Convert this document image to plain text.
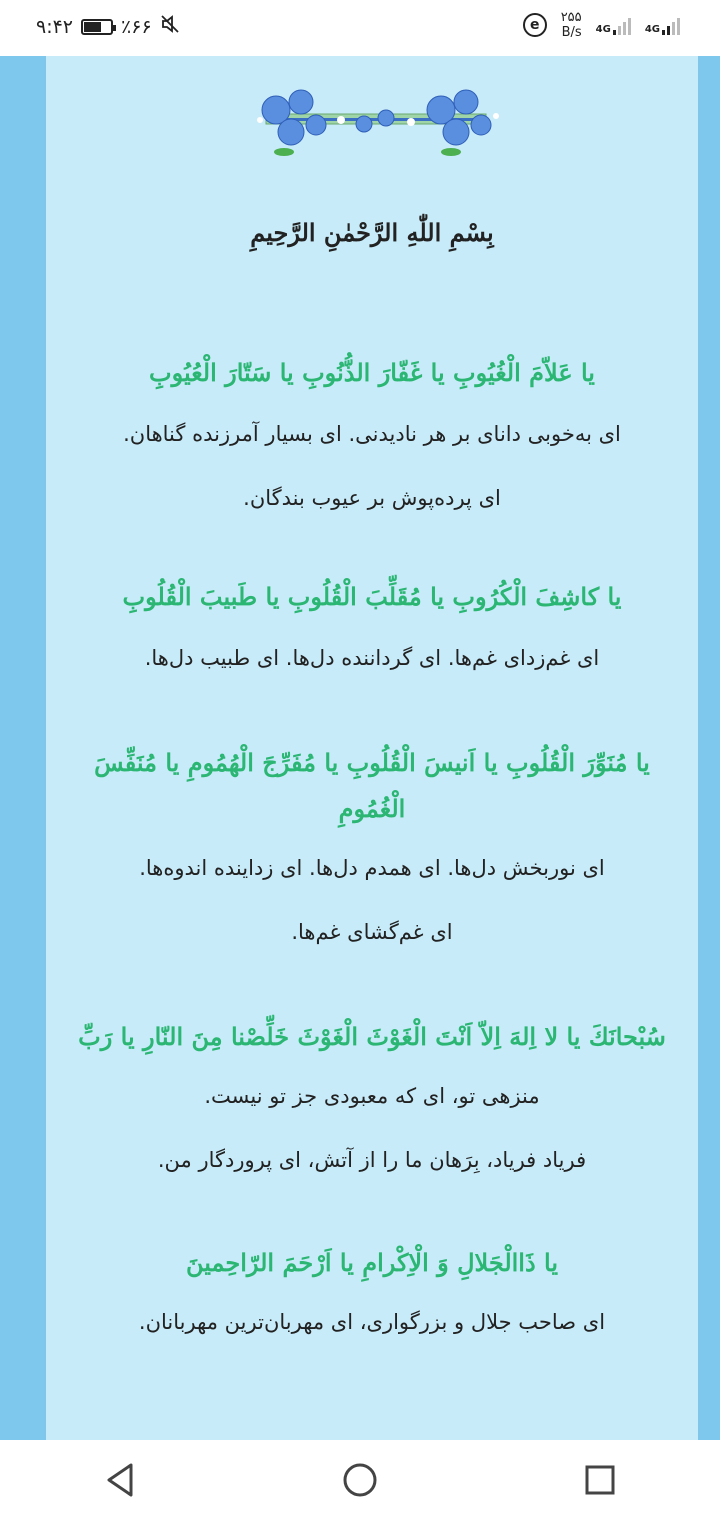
۹:۴۲	٪۶۶	e	۲۵۵
B/s 4G	4G
بِسْمِ اللّٰهِ الرَّحْمٰنِ الرَّحِيمِ
يا عَلاّمَ الْغُيُوبِ يا غَفّارَ الذُّنُوبِ يا سَتّارَ الْعُيُوبِ
ای به‌خوبی دانای بر هر نادیدنی. ای بسیار آمرزنده گناهان.
ای پرده‌پوش بر عیوب بندگان.
يا كاشِفَ الْكُرُوبِ يا مُقَلِّبَ الْقُلُوبِ يا طَبيبَ الْقُلُوبِ
ای غم‌زدای غم‌ها. ای گرداننده دل‌ها. ای طبیب دل‌ها.
يا مُنَوِّرَ الْقُلُوبِ يا اَنيسَ الْقُلُوبِ يا مُفَرِّجَ الْهُمُومِ يا مُنَفِّسَ الْغُمُومِ
ای نوربخش دل‌ها. ای همدم دل‌ها. ای زداینده اندوه‌ها.
ای غم‌گشای غم‌ها.
سُبْحانَكَ يا لا اِلهَ اِلاّ اَنْتَ الْغَوْثَ الْغَوْثَ خَلِّصْنا مِنَ النّارِ يا رَبِّ
منزهی تو، ای که معبودی جز تو نیست.
فریاد فریاد، بِرَهان ما را از آتش، ای پروردگار من.
يا ذَاالْجَلالِ وَ الْاِكْرامِ يا اَرْحَمَ الرّاحِمينَ
ای صاحب جلال و بزرگواری، ای مهربان‌ترین مهربانان.
